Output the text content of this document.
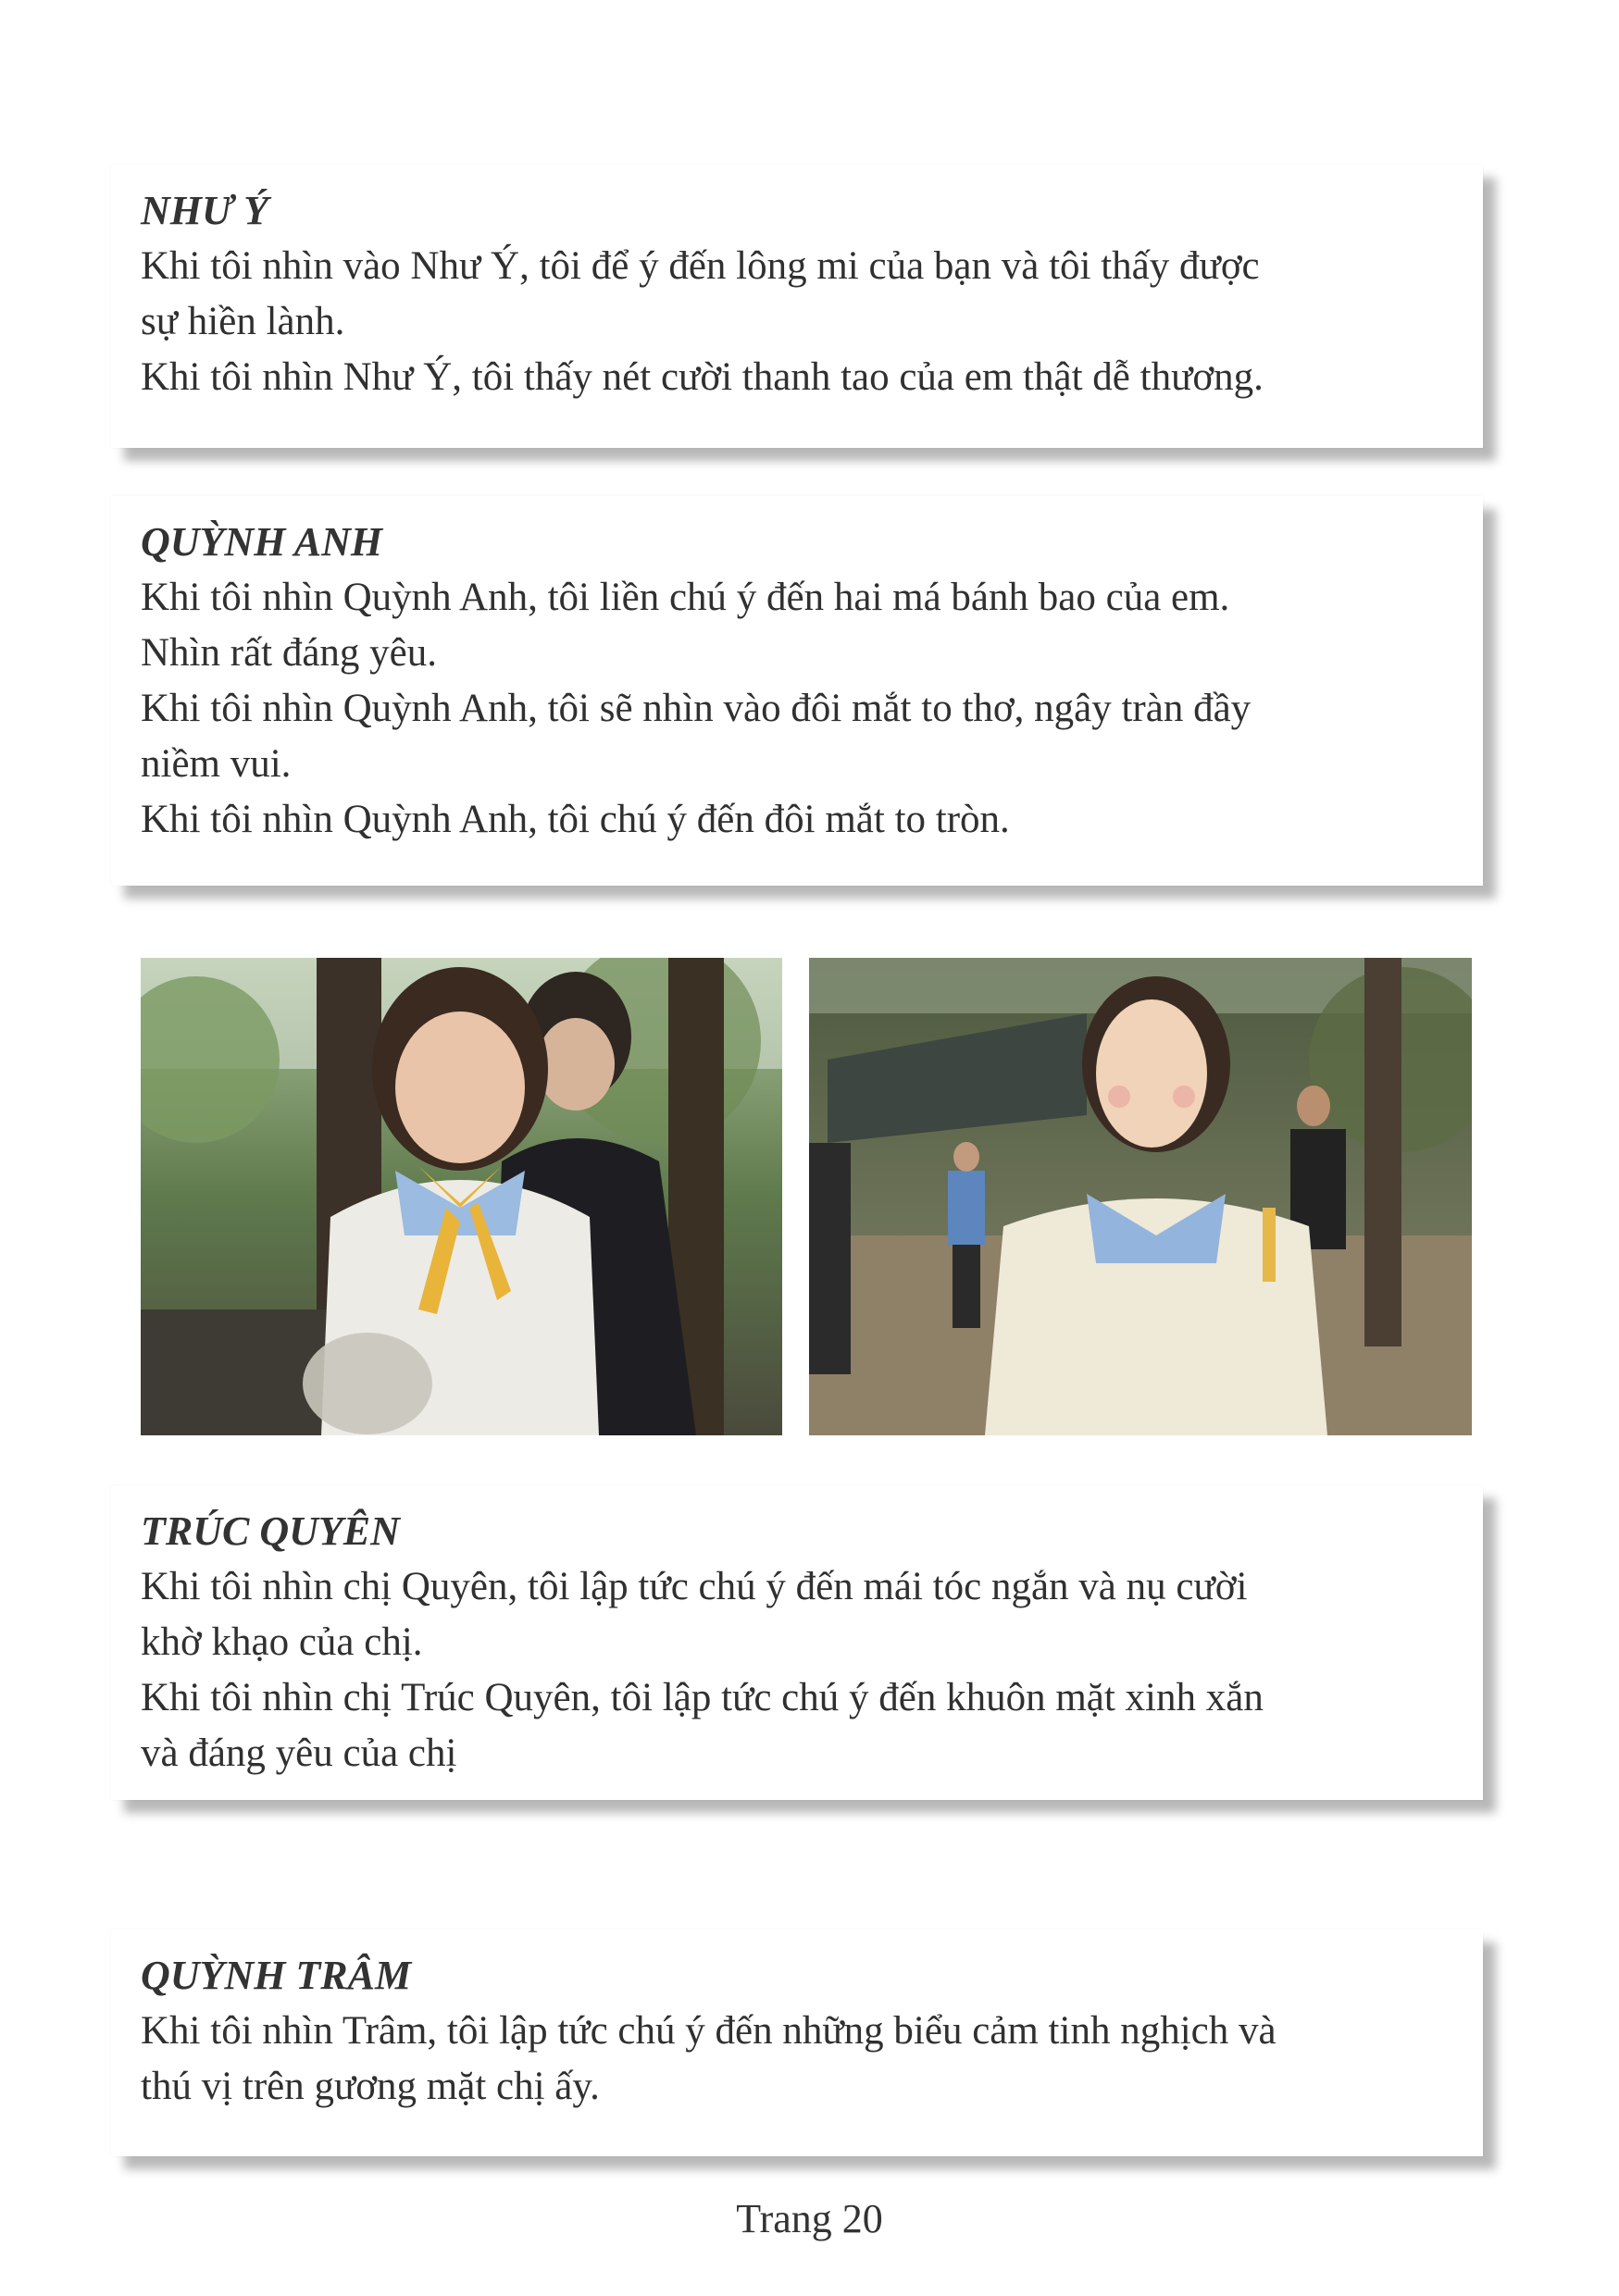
NHƯ Ý

Khi tôi nhìn vào Như Ý, tôi để ý đến lông mi của bạn và tôi thấy được

sự hiền lành.

Khi tôi nhìn Như Ý, tôi thấy nét cười thanh tao của em thật dễ thương.

QUỲNH ANH

Khi tôi nhìn Quỳnh Anh, tôi liền chú ý đến hai má bánh bao của em.

Nhìn rất đáng yêu.

Khi tôi nhìn Quỳnh Anh, tôi sẽ nhìn vào đôi mắt to thơ, ngây tràn đầy

niềm vui.

Khi tôi nhìn Quỳnh Anh, tôi chú ý đến đôi mắt to tròn.

TRÚC QUYÊN

Khi tôi nhìn chị Quyên, tôi lập tức chú ý đến mái tóc ngắn và nụ cười

khờ khạo của chị.

Khi tôi nhìn chị Trúc Quyên, tôi lập tức chú ý đến khuôn mặt xinh xắn

và đáng yêu của chị

QUỲNH TRÂM

Khi tôi nhìn Trâm, tôi lập tức chú ý đến những biểu cảm tinh nghịch và

thú vị trên gương mặt chị ấy.

Trang 20
